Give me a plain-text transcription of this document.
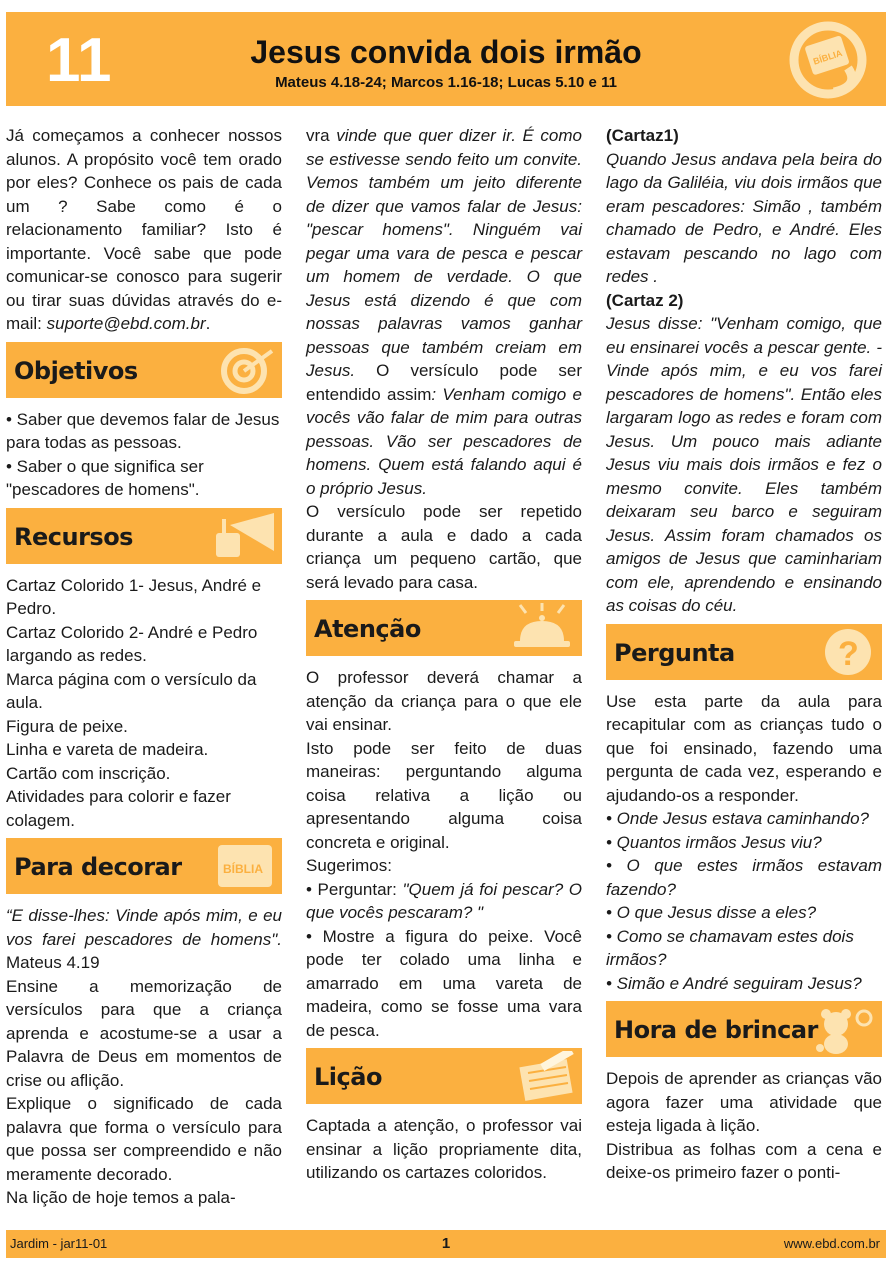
11	Jesus convida dois irmão
Mateus 4.18-24; Marcos 1.16-18; Lucas 5.10 e 11
BÍBLIA

Já começamos a conhecer nossos alunos. A propósito você tem orado por eles? Conhece os pais de cada um ? Sabe como é o relacionamento familiar? Isto é importante. Você sabe que pode comunicar-se conosco para sugerir ou tirar suas dúvidas através do e-mail: suporte@ebd.com.br.

Objetivos

• Saber que devemos falar de Jesus para todas as pessoas.

• Saber o que significa ser "pescadores de homens".

Recursos

Cartaz Colorido 1- Jesus, André e Pedro.

Cartaz Colorido 2- André e Pedro largando as redes.

Marca página com o versículo da aula.

Figura de peixe.

Linha e vareta de madeira.

Cartão com inscrição.

Atividades para colorir e fazer colagem.

Para decorar	BÍBLIA

“E disse-lhes: Vinde após mim, e eu vos farei pescadores de homens". Mateus 4.19

Ensine a memorização de versículos para que a criança aprenda e acostume-se a usar a Palavra de Deus em momentos de crise ou aflição.

Explique o significado de cada palavra que forma o versículo para que possa ser compreendido e não meramente decorado.

Na lição de hoje temos a pala-

vra vinde que quer dizer ir. É como se estivesse sendo feito um convite. Vemos também um jeito diferente de dizer que vamos falar de Jesus: "pescar homens". Ninguém vai pegar uma vara de pesca e pescar um homem de verdade. O que Jesus está dizendo é que com nossas palavras vamos ganhar pessoas que também creiam em Jesus. O versículo pode ser entendido assim: Venham comigo e vocês vão falar de mim para outras pessoas. Vão ser pescadores de homens. Quem está falando aqui é o próprio Jesus.

O versículo pode ser repetido durante a aula e dado a cada criança um pequeno cartão, que será levado para casa.

Atenção

O professor deverá chamar a atenção da criança para o que ele vai ensinar.

Isto pode ser feito de duas maneiras: perguntando alguma coisa relativa a lição ou apresentando alguma coisa concreta e original.

Sugerimos:

• Perguntar: "Quem já foi pescar? O que vocês pescaram? "

• Mostre a figura do peixe. Você pode ter colado uma linha e amarrado em uma vareta de madeira, como se fosse uma vara de pesca.

Lição

Captada a atenção, o professor vai ensinar a lição propriamente dita, utilizando os cartazes coloridos.

(Cartaz1)

Quando Jesus andava pela beira do lago da Galiléia, viu dois irmãos que eram pescadores: Simão , também chamado de Pedro, e André. Eles estavam pescando no lago com redes .

(Cartaz 2)

Jesus disse: "Venham comigo, que eu ensinarei vocês a pescar gente. - Vinde após mim, e eu vos farei pescadores de homens". Então eles largaram logo as redes e foram com Jesus. Um pouco mais adiante Jesus viu mais dois irmãos e fez o mesmo convite. Eles também deixaram seu barco e seguiram Jesus. Assim foram chamados os amigos de Jesus que caminhariam com ele, aprendendo e ensinando as coisas do céu.

Pergunta	?

Use esta parte da aula para recapitular com as crianças tudo o que foi ensinado, fazendo uma pergunta de cada vez, esperando e ajudando-os a responder.

• Onde Jesus estava caminhando?

• Quantos irmãos Jesus viu?

• O que estes irmãos estavam fazendo?

• O que Jesus disse a eles?

• Como se chamavam estes dois irmãos?

• Simão e André seguiram Jesus?

Hora de brincar

Depois de aprender as crianças vão agora fazer uma atividade que esteja ligada à lição.

Distribua as folhas com a cena e deixe-os primeiro fazer o ponti-

Jardim - jar11-01	1	www.ebd.com.br
